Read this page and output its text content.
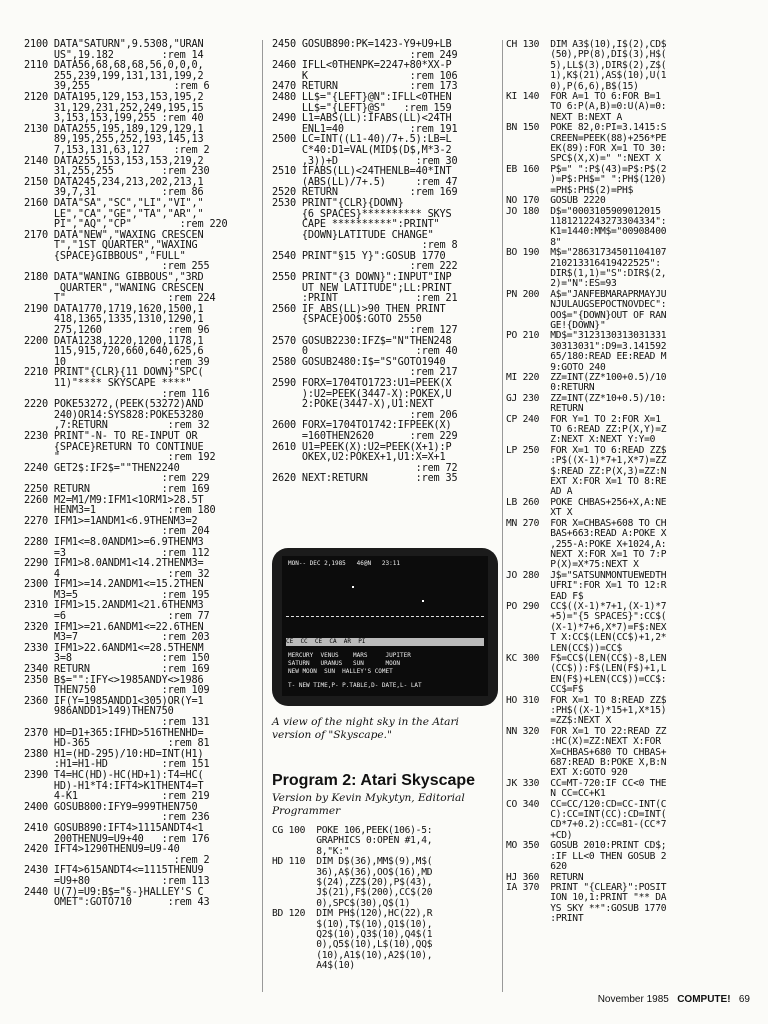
2100 DATA"SATURN",9.5308,"URAN
US",19.182        :rem 14
2110 DATA56,68,68,68,56,0,0,0,
255,239,199,131,131,199,2
39,255              :rem 6
2120 DATA195,129,153,153,195,2
31,129,231,252,249,195,15
3,153,153,199,255 :rem 40
2130 DATA255,195,189,129,129,1
89,195,255,252,193,145,13
7,153,131,63,127    :rem 2
2140 DATA255,153,153,153,219,2
31,255,255        :rem 230
2150 DATA245,234,213,202,213,1
39,7,31           :rem 86
2160 DATA"SA","SC","LI","VI","
LE","CA","GE","TA","AR","
PI","AQ","CP"        :rem 220
2170 DATA"NEW","WAXING CRESCEN
T","1ST QUARTER","WAXING
{SPACE}GIBBOUS","FULL"
:rem 255
2180 DATA"WANING GIBBOUS","3RD
QUARTER","WANING CRESCEN
T"                 :rem 224
2190 DATA1770,1719,1620,1500,1
418,1365,1335,1310,1290,1
275,1260           :rem 96
2200 DATA1238,1220,1200,1178,1
115,915,720,660,640,625,6
10                 :rem 39
2210 PRINT"{CLR}{11 DOWN}"SPC(
11)"**** SKYSCAPE ****"
:rem 116
2220 POKE53272,(PEEK(53272)AND
240)OR14:SYS828:POKE53280
,7:RETURN          :rem 32
2230 PRINT"-N- TO RE-INPUT OR
{SPACE}RETURN TO CONTINUE
"                  :rem 192
2240 GET2$:IF2$=""THEN2240
:rem 229
2250 RETURN            :rem 169
2260 M2=M1/M9:IFM1<1ORM1>28.5T
HENM3=1            :rem 180
2270 IFM1>=1ANDM1<6.9THENM3=2
:rem 204
2280 IFM1<=8.0ANDM1>=6.9THENM3
=3                :rem 112
2290 IFM1>8.0ANDM1<14.2THENM3=
4                  :rem 32
2300 IFM1>=14.2ANDM1<=15.2THEN
M3=5              :rem 195
2310 IFM1>15.2ANDM1<21.6THENM3
=6                 :rem 77
2320 IFM1>=21.6ANDM1<=22.6THEN
M3=7              :rem 203
2330 IFM1>22.6ANDM1<=28.5THENM
3=8               :rem 150
2340 RETURN            :rem 169
2350 B$="":IFY<>1985ANDY<>1986
THEN750           :rem 109
2360 IF(Y=1985ANDD1<305)OR(Y=1
986ANDD1>149)THEN750
:rem 131
2370 HD=D1+365:IFHD>516THENHD=
HD-365             :rem 81
2380 H1=(HD-295)/10:HD=INT(H1)
:H1=H1-HD         :rem 151
2390 T4=HC(HD)-HC(HD+1):T4=HC(
HD)-H1*T4:IFT4>K1THENT4=T
4-K1              :rem 219
2400 GOSUB800:IFY9=999THEN750
:rem 236
2410 GOSUB890:IFT4>1115ANDT4<1
200THENU9=U9+40   :rem 176
2420 IFT4>1290THENU9=U9-40
:rem 2
2430 IFT4>615ANDT4<=1115THENU9
=U9+80            :rem 113
2440 U(7)=U9:B$="§-}HALLEY'S C
OMET":GOTO710      :rem 43
2450 GOSUB890:PK=1423-Y9+U9+LB
:rem 249
2460 IFLL<0THENPK=2247+80*XX-P
K                 :rem 106
2470 RETURN            :rem 173
2480 LL$="{LEFT}@N":IFLL<0THEN
LL$="{LEFT}@S"   :rem 159
2490 L1=ABS(LL):IFABS(LL)<24TH
ENL1=40           :rem 191
2500 LC=INT((L1-40)/7+.5):LB=L
C*40:D1=VAL(MID$(D$,M*3-2
,3))+D             :rem 30
2510 IFABS(LL)<24THENLB=40*INT
(ABS(LL)/7+.5)     :rem 47
2520 RETURN            :rem 169
2530 PRINT"{CLR}{DOWN}
{6 SPACES}********** SKYS
CAPE **********":PRINT"
{DOWN}LATITUDE CHANGE"
:rem 8
2540 PRINT"§15 Y}":GOSUB 1770
:rem 222
2550 PRINT"{3 DOWN}":INPUT"INP
UT NEW LATITUDE";LL:PRINT
:PRINT             :rem 21
2560 IF ABS(LL)>90 THEN PRINT
{SPACE}OO$:GOTO 2550
:rem 127
2570 GOSUB2230:IFZ$="N"THEN248
0                  :rem 40
2580 GOSUB2480:I$="S"GOTO1940
:rem 217
2590 FORX=1704TO1723:U1=PEEK(X
):U2=PEEK(3447-X):POKEX,U
2:POKE(3447-X),U1:NEXT
:rem 206
2600 FORX=1704TO1742:IFPEEK(X)
=160THEN2620      :rem 229
2610 U1=PEEK(X):U2=PEEK(X+1):P
OKEX,U2:POKEX+1,U1:X=X+1
:rem 72
2620 NEXT:RETURN        :rem 35
CH 130  DIM A3$(10),I$(2),CD$
(50),PP(8),DI$(3),H$(
5),LL$(3),DIR$(2),Z$(
1),K$(21),AS$(10),U(1
0),P(6,6),B$(15)
KI 140  FOR A=1 TO 6:FOR B=1
TO 6:P(A,B)=0:U(A)=0:
NEXT B:NEXT A
BN 150  POKE 82,0:PI=3.1415:S
CREEN=PEEK(88)+256*PE
EK(89):FOR X=1 TO 30:
SPC$(X,X)=" ":NEXT X
EB 160  P$=" ":P$(43)=P$:P$(2
)=P$:PH$=" ":PH$(120)
=PH$:PH$(2)=PH$
NO 170  GOSUB 2220
JO 180  D$="0003105909012015
1181212243273304334":
K1=1440:MM$="00908400
8"
BO 190  M$="28631734501104107
210213316419422525":
DIR$(1,1)="S":DIR$(2,
2)="N":ES=93
PN 200  A$="JANFEBMARAPRMAYJU
NJULAUGSEPOCTNOVDEC":
OO$="{DOWN}OUT OF RAN
GE!{DOWN}"
PO 210  MD$="3123130313031331
30313031":D9=3.141592
65/180:READ EE:READ M
9:GOTO 240
MI 220  ZZ=INT(ZZ*100+0.5)/10
0:RETURN
GJ 230  ZZ=INT(ZZ*10+0.5)/10:
RETURN
CP 240  FOR Y=1 TO 2:FOR X=1
TO 6:READ ZZ:P(X,Y)=Z
Z:NEXT X:NEXT Y:Y=0
LP 250  FOR X=1 TO 6:READ ZZ$
:P$((X-1)*7+1,X*7)=ZZ
$:READ ZZ:P(X,3)=ZZ:N
EXT X:FOR X=1 TO 8:RE
AD A
LB 260  POKE CHBAS+256+X,A:NE
XT X
MN 270  FOR X=CHBAS+608 TO CH
BAS+663:READ A:POKE X
,255-A:POKE X+1024,A:
NEXT X:FOR X=1 TO 7:P
P(X)=X*75:NEXT X
JO 280  J$="SATSUNMONTUEWEDTH
UFRI":FOR X=1 TO 12:R
EAD F$
PO 290  CC$((X-1)*7+1,(X-1)*7
+5)="{5 SPACES}":CC$(
(X-1)*7+6,X*7)=F$:NEX
T X:CC$(LEN(CC$)+1,2*
LEN(CC$))=CC$
KC 300  F$=CC$(LEN(CC$)-8,LEN
(CC$)):F$(LEN(F$)+1,L
EN(F$)+LEN(CC$))=CC$:
CC$=F$
HO 310  FOR X=1 TO 8:READ ZZ$
:PH$((X-1)*15+1,X*15)
=ZZ$:NEXT X
NN 320  FOR X=1 TO 22:READ ZZ
:HC(X)=ZZ:NEXT X:FOR
X=CHBAS+680 TO CHBAS+
687:READ B:POKE X,B:N
EXT X:GOTO 920
JK 330  CC=MT-720:IF CC<0 THE
N CC=CC+K1
CO 340  CC=CC/120:CD=CC-INT(C
C):CC=INT(CC):CD=INT(
CD*7+0.2):CC=81-(CC*7
+CD)
MO 350  GOSUB 2010:PRINT CD$;
:IF LL<0 THEN GOSUB 2
620
HJ 360  RETURN
IA 370  PRINT "{CLEAR}":POSIT
ION 10,1:PRINT "** DA
YS SKY **":GOSUB 1770
:PRINT
MON-- DEC 2,1985   46@N   23:11
CE  CC  CE  CA  AR  PI
MERCURY  VENUS    MARS     JUPITER
SATURN   URANUS   SUN      MOON
NEW MOON  SUN  HALLEY'S COMET
T- NEW TIME,P- P.TABLE,D- DATE,L- LAT
A view of the night sky in the Atari version of "Skyscape."
Program 2: Atari Skyscape
Version by Kevin Mykytyn, Editorial Programmer
CG 100  POKE 106,PEEK(106)-5:
GRAPHICS 0:OPEN #1,4,
8,"K:"
HD 110  DIM D$(36),MM$(9),M$(
36),A$(36),OO$(16),MD
$(24),ZZ$(20),P$(43),
J$(21),F$(200),CC$(20
0),SPC$(30),Q$(1)
BD 120  DIM PH$(120),HC(22),R
$(10),T$(10),Q1$(10),
Q2$(10),Q3$(10),Q4$(1
0),Q5$(10),L$(10),QQ$
(10),A1$(10),A2$(10),
A4$(10)
November 1985 COMPUTE! 69
